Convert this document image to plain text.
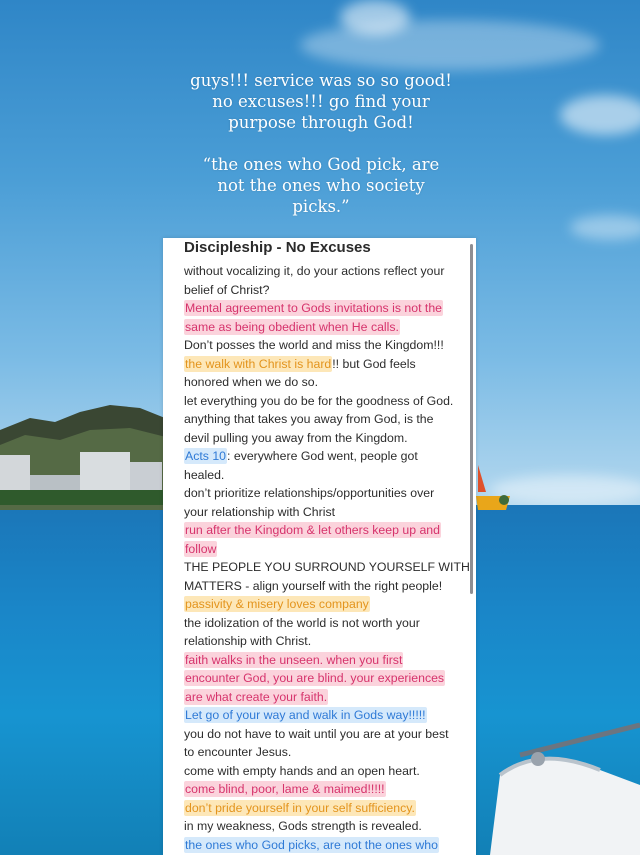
guys!!! service was so so good!
no excuses!!! go find your
purpose through God!

“the ones who God pick, are
not the ones who society
picks.”

Discipleship - No Excuses
without vocalizing it, do your actions reflect your
belief of Christ?
Mental agreement to Gods invitations is not the
same as being obedient when He calls.
Don’t posses the world and miss the Kingdom!!!
the walk with Christ is hard!! but God feels
honored when we do so.
let everything you do be for the goodness of God.
anything that takes you away from God, is the
devil pulling you away from the Kingdom.
Acts 10: everywhere God went, people got
healed.
don’t prioritize relationships/opportunities over
your relationship with Christ
run after the Kingdom & let others keep up and
follow
THE PEOPLE YOU SURROUND YOURSELF WITH
MATTERS - align yourself with the right people!
passivity & misery loves company
the idolization of the world is not worth your
relationship with Christ.
faith walks in the unseen. when you first
encounter God, you are blind. your experiences
are what create your faith.
Let go of your way and walk in Gods way!!!!!
you do not have to wait until you are at your best
to encounter Jesus.
come with empty hands and an open heart.
come blind, poor, lame & maimed!!!!!
don’t pride yourself in your self sufficiency.
in my weakness, Gods strength is revealed.
the ones who God picks, are not the ones who
